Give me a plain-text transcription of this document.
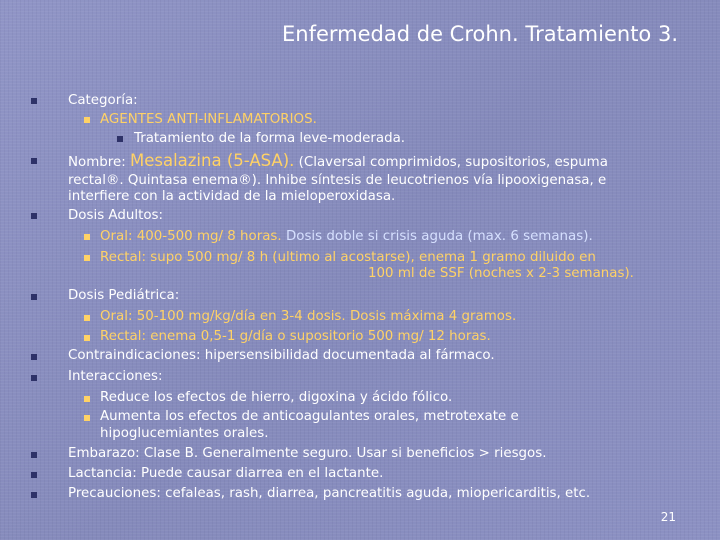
Enfermedad de Crohn. Tratamiento 3.
Categoría:
AGENTES ANTI-INFLAMATORIOS.
Tratamiento de la forma leve-moderada.
Nombre: Mesalazina (5-ASA). (Claversal comprimidos, supositorios, espuma
rectal®. Quintasa enema®). Inhibe síntesis de leucotrienos vía lipooxigenasa, e
interfiere con la actividad de la mieloperoxidasa.
Dosis Adultos:
Oral: 400-500 mg/ 8 horas. Dosis doble si crisis aguda (max. 6 semanas).
Rectal: supo 500 mg/ 8 h (ultimo al acostarse), enema 1 gramo diluido en
100 ml de SSF (noches x 2-3 semanas).
Dosis Pediátrica:
Oral: 50-100 mg/kg/día en 3-4 dosis. Dosis máxima 4 gramos.
Rectal: enema 0,5-1 g/día o supositorio 500 mg/ 12 horas.
Contraindicaciones: hipersensibilidad documentada al fármaco.
Interacciones:
Reduce los efectos de hierro, digoxina y ácido fólico.
Aumenta los efectos de anticoagulantes orales, metrotexate e
hipoglucemiantes orales.
Embarazo: Clase B. Generalmente seguro. Usar si beneficios > riesgos.
Lactancia: Puede causar diarrea en el lactante.
Precauciones: cefaleas, rash, diarrea, pancreatitis aguda, miopericarditis, etc.
21
